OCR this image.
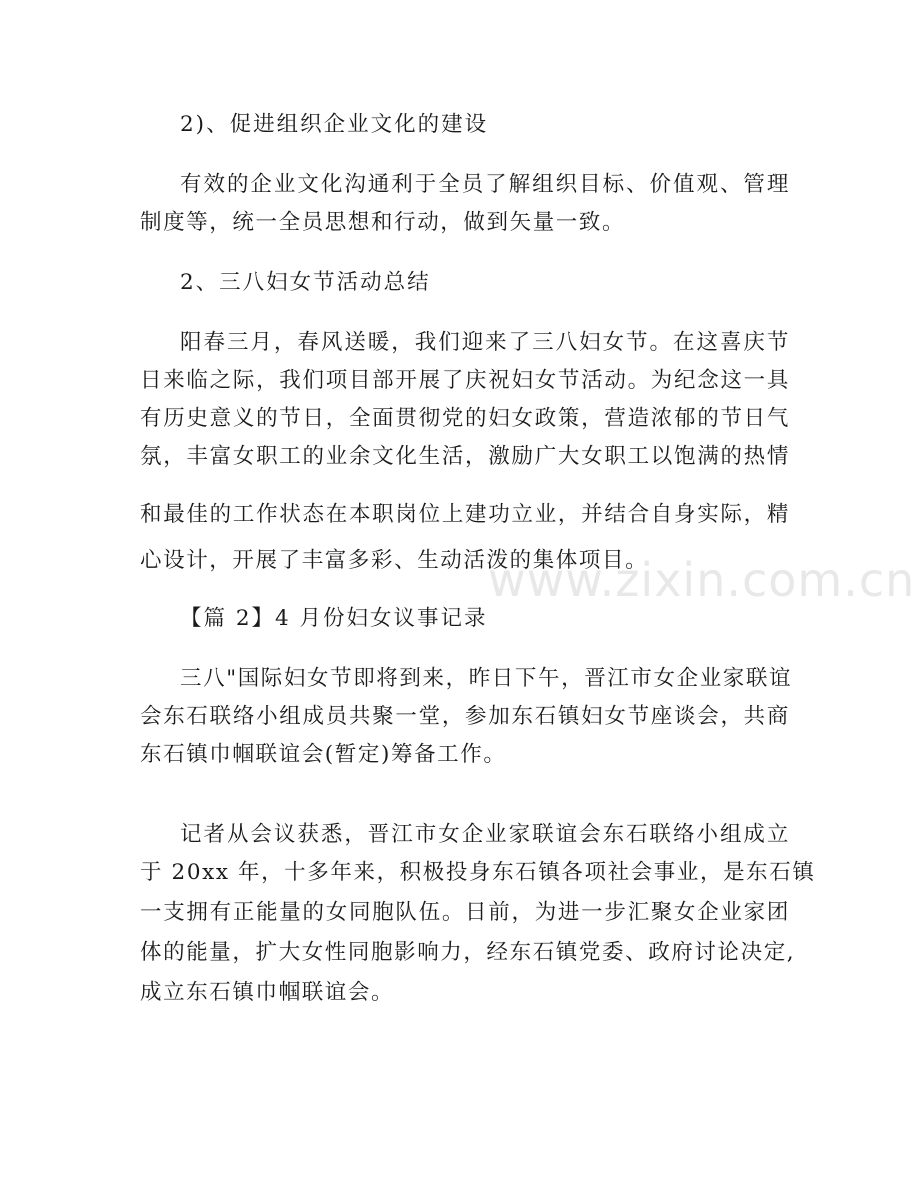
2)、促进组织企业文化的建设
有效的企业文化沟通利于全员了解组织目标、价值观、管理
制度等，统一全员思想和行动，做到矢量一致。
2、三八妇女节活动总结
阳春三月，春风送暖，我们迎来了三八妇女节。在这喜庆节
日来临之际，我们项目部开展了庆祝妇女节活动。为纪念这一具
有历史意义的节日，全面贯彻党的妇女政策，营造浓郁的节日气
氛，丰富女职工的业余文化生活，激励广大女职工以饱满的热情
和最佳的工作状态在本职岗位上建功立业，并结合自身实际，精
心设计，开展了丰富多彩、生动活泼的集体项目。
【篇 2】4 月份妇女议事记录
三八"国际妇女节即将到来，昨日下午，晋江市女企业家联谊
会东石联络小组成员共聚一堂，参加东石镇妇女节座谈会，共商
东石镇巾帼联谊会(暂定)筹备工作。
记者从会议获悉，晋江市女企业家联谊会东石联络小组成立
于 20xx 年，十多年来，积极投身东石镇各项社会事业，是东石镇
一支拥有正能量的女同胞队伍。日前，为进一步汇聚女企业家团
体的能量，扩大女性同胞影响力，经东石镇党委、政府讨论决定,
成立东石镇巾帼联谊会。
www.zixin.com.cn
